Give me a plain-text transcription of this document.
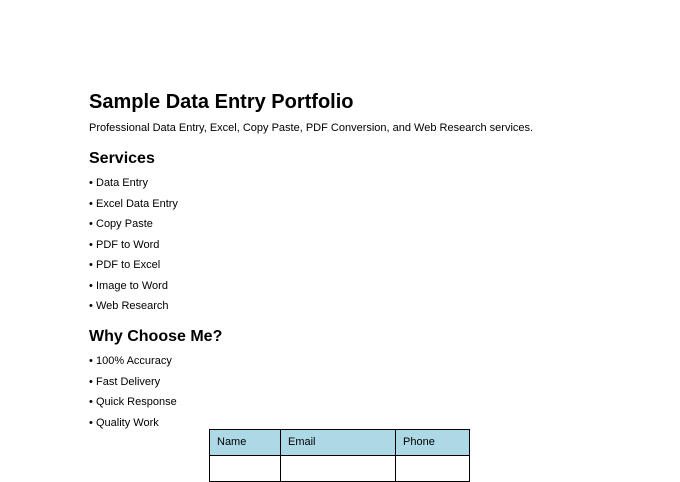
Sample Data Entry Portfolio

Professional Data Entry, Excel, Copy Paste, PDF Conversion, and Web Research services.

Services
• Data Entry
• Excel Data Entry
• Copy Paste
• PDF to Word
• PDF to Excel
• Image to Word
• Web Research
Why Choose Me?
• 100% Accuracy
• Fast Delivery
• Quick Response
• Quality Work
Name	Email	Phone
